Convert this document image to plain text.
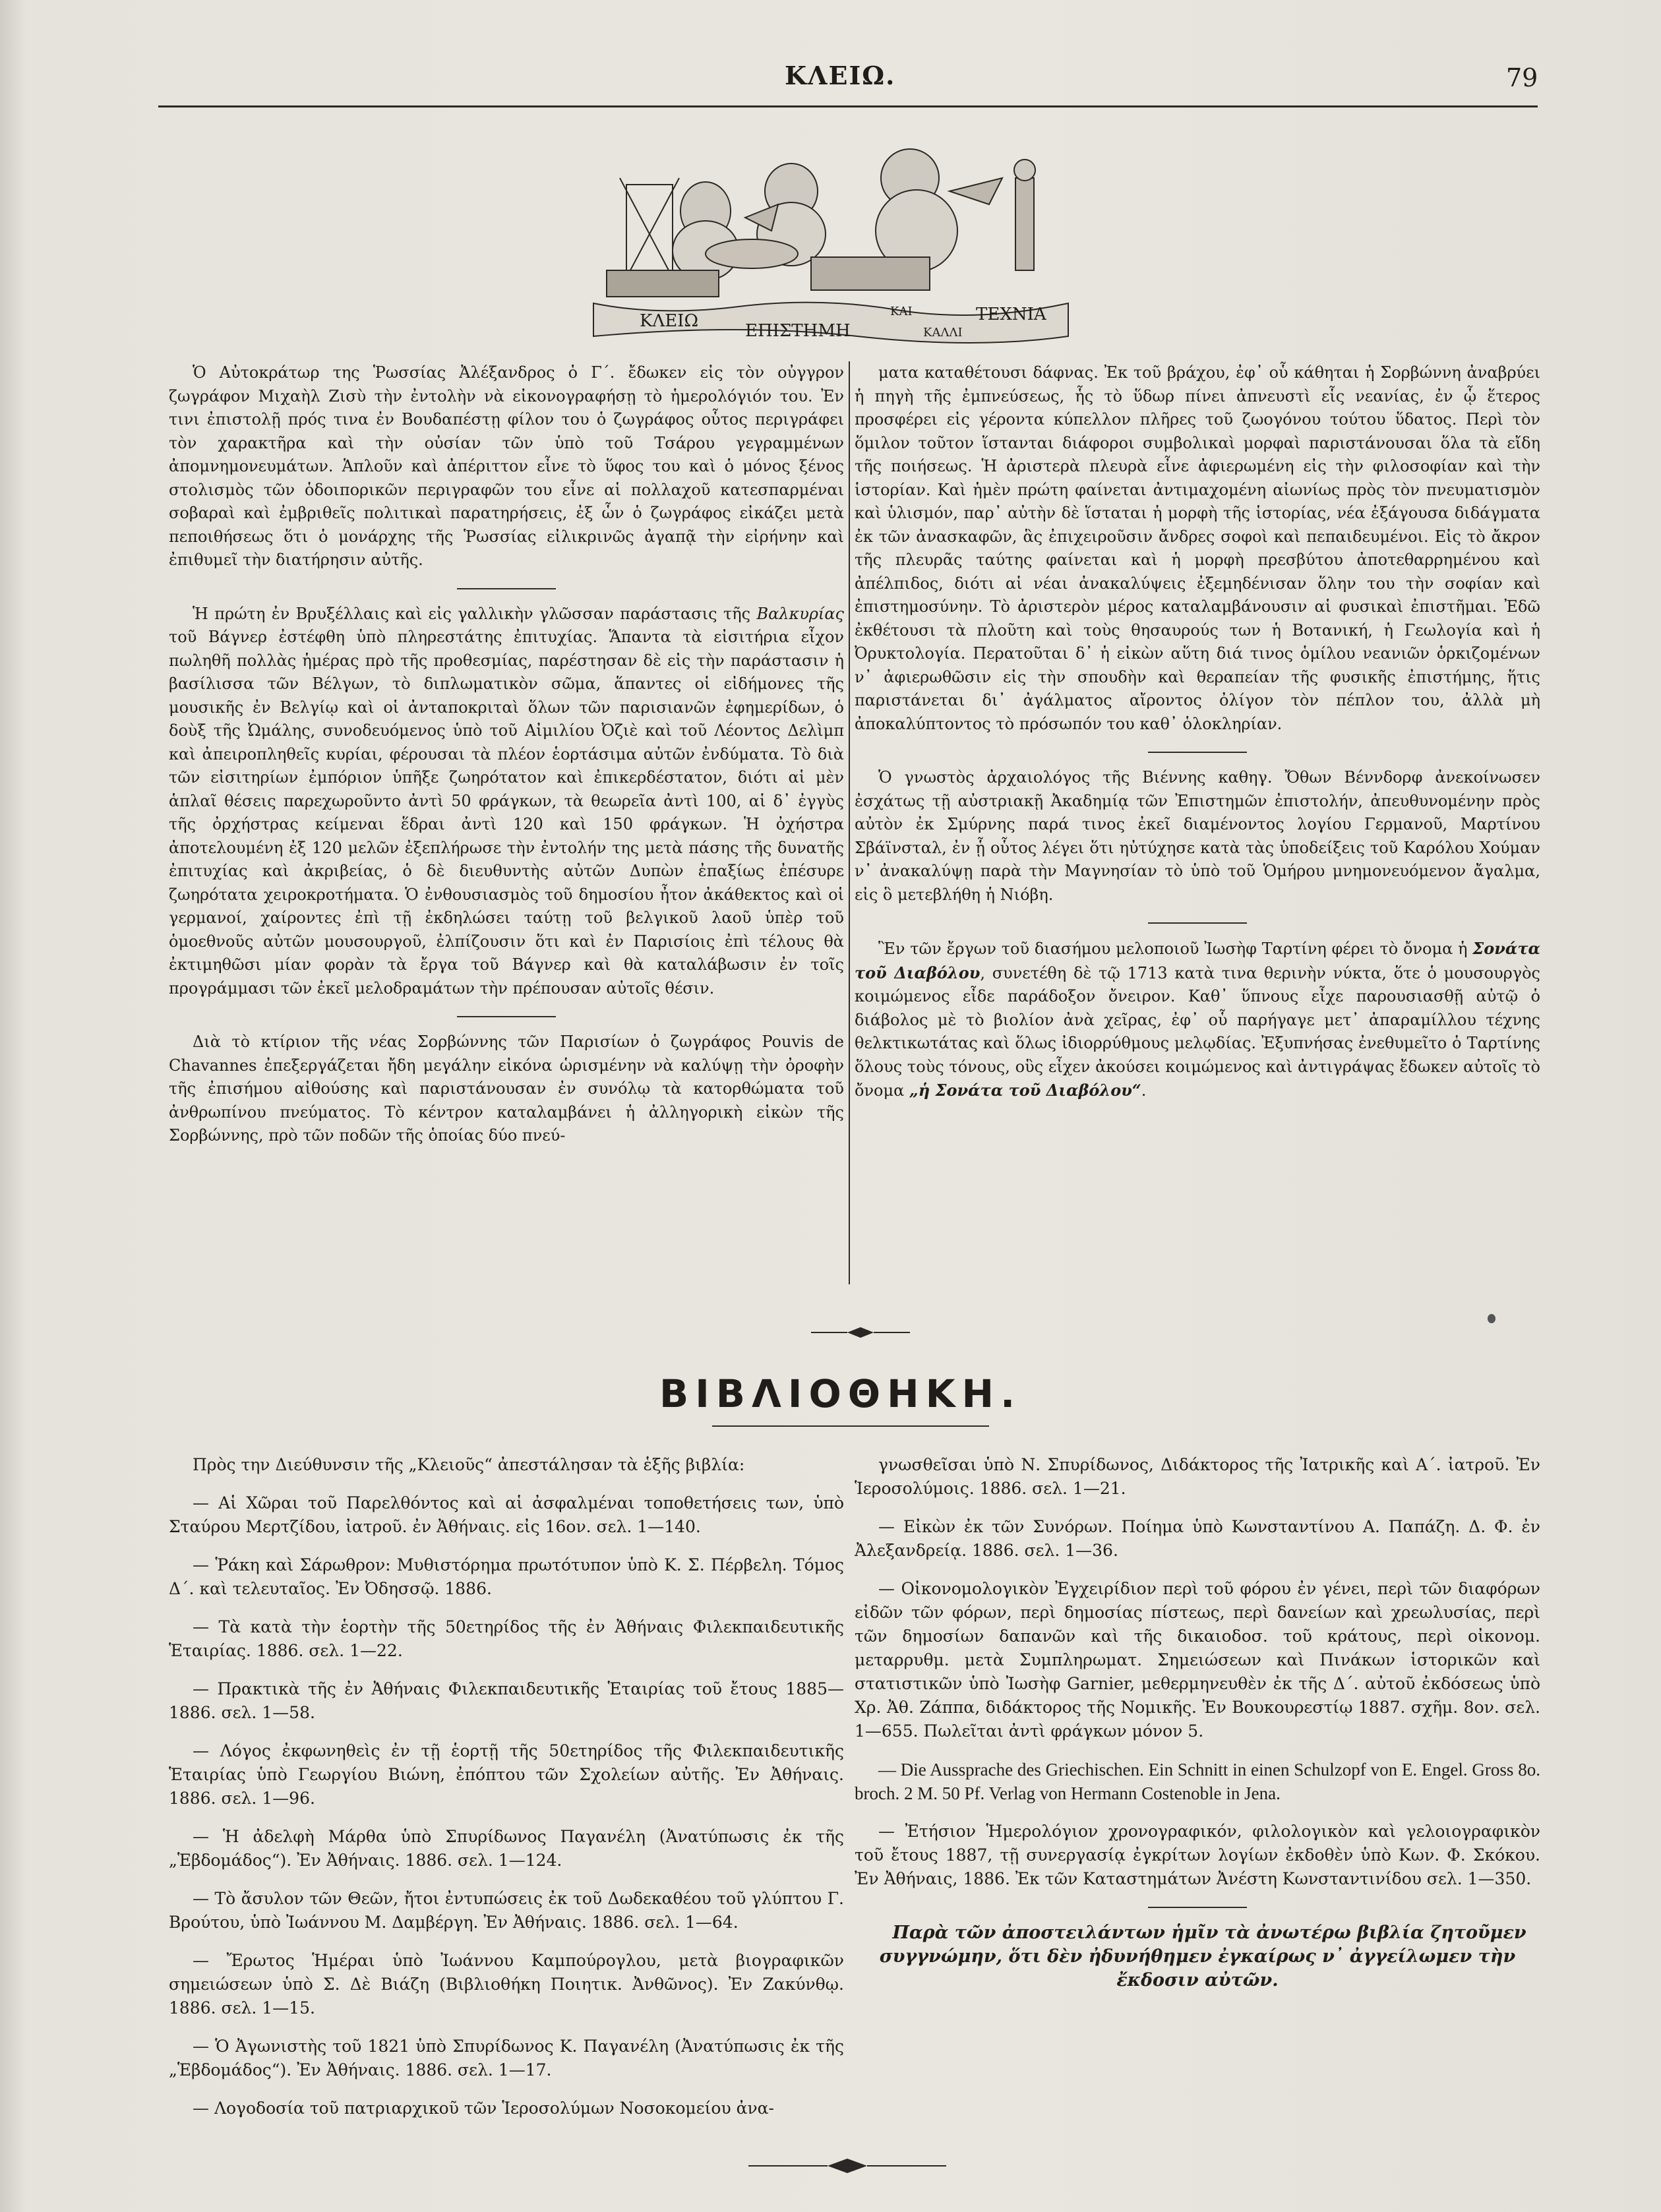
ΚΛΕΙΩ.	79
ΚΛΕΙΩ	ΕΠΙΣΤΗΜΗ
ΚΑΙ
ΚΑΛΛΙ
ΤΕΧΝΙΑ

Ὁ Αὐτοκράτωρ της Ῥωσσίας Ἀλέξανδρος ὁ Γ΄. ἔδωκεν εἰς τὸν οὐγγρον ζωγράφον Μιχαὴλ Ζισὺ τὴν ἐντολὴν νὰ εἰκονογραφήσῃ τὸ ἡμερολόγιόν του. Ἐν τινι ἐπιστολῇ πρός τινα ἐν Βουδαπέστῃ φίλον του ὁ ζωγράφος οὗτος περιγράφει τὸν χαρακτῆρα καὶ τὴν οὐσίαν τῶν ὑπὸ τοῦ Τσάρου γεγραμμένων ἀπομνημονευμάτων. Ἁπλοῦν καὶ ἀπέριττον εἶνε τὸ ὕφος του καὶ ὁ μόνος ξένος στολισμὸς τῶν ὁδοιπορικῶν περιγραφῶν του εἶνε αἱ πολλαχοῦ κατεσπαρμέναι σοβαραὶ καὶ ἐμβριθεῖς πολιτικαὶ παρατηρήσεις, ἐξ ὧν ὁ ζωγράφος εἰκάζει μετὰ πεποιθήσεως ὅτι ὁ μονάρχης τῆς Ῥωσσίας εἰλικρινῶς ἀγαπᾷ τὴν εἰρήνην καὶ ἐπιθυμεῖ τὴν διατήρησιν αὐτῆς.

Ἡ πρώτη ἐν Βρυξέλλαις καὶ εἰς γαλλικὴν γλῶσσαν παράστασις τῆς Βαλκυρίας τοῦ Βάγνερ ἐστέφθη ὑπὸ πληρεστάτης ἐπιτυχίας. Ἅπαντα τὰ εἰσιτήρια εἶχον πωληθῆ πολλὰς ἡμέρας πρὸ τῆς προθεσμίας, παρέστησαν δὲ εἰς τὴν παράστασιν ἡ βασίλισσα τῶν Βέλγων, τὸ διπλωματικὸν σῶμα, ἅπαντες οἱ εἰδήμονες τῆς μουσικῆς ἐν Βελγίῳ καὶ οἱ ἀνταποκριταὶ ὅλων τῶν παρισιανῶν ἐφημερίδων, ὁ δοὺξ τῆς Ὠμάλης, συνοδευόμενος ὑπὸ τοῦ Αἰμιλίου Ὀζιὲ καὶ τοῦ Λέοντος Δελὶμπ καὶ ἀπειροπληθεῖς κυρίαι, φέρουσαι τὰ πλέον ἑορτάσιμα αὐτῶν ἐνδύματα. Τὸ διὰ τῶν εἰσιτηρίων ἐμπόριον ὑπῆξε ζωηρότατον καὶ ἐπικερδέστατον, διότι αἱ μὲν ἁπλαῖ θέσεις παρεχωροῦντο ἀντὶ 50 φράγκων, τὰ θεωρεῖα ἀντὶ 100, αἱ δ᾽ ἐγγὺς τῆς ὀρχήστρας κείμεναι ἕδραι ἀντὶ 120 καὶ 150 φράγκων. Ἡ ὀχήστρα ἀποτελουμένη ἐξ 120 μελῶν ἐξεπλήρωσε τὴν ἐντολήν της μετὰ πάσης τῆς δυνατῆς ἐπιτυχίας καὶ ἀκριβείας, ὁ δὲ διευθυντὴς αὐτῶν Δυπὼν ἐπαξίως ἐπέσυρε ζωηρότατα χειροκροτήματα. Ὁ ἐνθουσιασμὸς τοῦ δημοσίου ἦτον ἀκάθεκτος καὶ οἱ γερμανοί, χαίροντες ἐπὶ τῇ ἐκδηλώσει ταύτῃ τοῦ βελγικοῦ λαοῦ ὑπὲρ τοῦ ὁμοεθνοῦς αὐτῶν μουσουργοῦ, ἐλπίζουσιν ὅτι καὶ ἐν Παρισίοις ἐπὶ τέλους θὰ ἐκτιμηθῶσι μίαν φορὰν τὰ ἔργα τοῦ Βάγνερ καὶ θὰ καταλάβωσιν ἐν τοῖς προγράμμασι τῶν ἐκεῖ μελοδραμάτων τὴν πρέπουσαν αὐτοῖς θέσιν.

Διὰ τὸ κτίριον τῆς νέας Σορβώννης τῶν Παρισίων ὁ ζωγράφος Pouvis de Chavannes ἐπεξεργάζεται ἤδη μεγάλην εἰκόνα ὡρισμένην νὰ καλύψῃ τὴν ὀροφὴν τῆς ἐπισήμου αἰθούσης καὶ παριστάνουσαν ἐν συνόλῳ τὰ κατορθώματα τοῦ ἀνθρωπίνου πνεύματος. Τὸ κέντρον καταλαμβάνει ἡ ἀλληγορικὴ εἰκὼν τῆς Σορβώννης, πρὸ τῶν ποδῶν τῆς ὁποίας δύο πνεύ-

ματα καταθέτουσι δάφνας. Ἐκ τοῦ βράχου, ἐφ᾽ οὗ κάθηται ἡ Σορβώννη ἀναβρύει ἡ πηγὴ τῆς ἐμπνεύσεως, ἧς τὸ ὕδωρ πίνει ἀπνευστὶ εἷς νεανίας, ἐν ᾧ ἕτερος προσφέρει εἰς γέροντα κύπελλον πλῆρες τοῦ ζωογόνου τούτου ὕδατος. Περὶ τὸν ὅμιλον τοῦτον ἵστανται διάφοροι συμβολικαὶ μορφαὶ παριστάνουσαι ὅλα τὰ εἴδη τῆς ποιήσεως. Ἡ ἀριστερὰ πλευρὰ εἶνε ἀφιερωμένη εἰς τὴν φιλοσοφίαν καὶ τὴν ἱστορίαν. Καὶ ἡμὲν πρώτη φαίνεται ἀντιμαχομένη αἰωνίως πρὸς τὸν πνευματισμὸν καὶ ὑλισμόν, παρ᾽ αὐτὴν δὲ ἵσταται ἡ μορφὴ τῆς ἱστορίας, νέα ἐξάγουσα διδάγματα ἐκ τῶν ἀνασκαφῶν, ἃς ἐπιχειροῦσιν ἄνδρες σοφοὶ καὶ πεπαιδευμένοι. Εἰς τὸ ἄκρον τῆς πλευρᾶς ταύτης φαίνεται καὶ ἡ μορφὴ πρεσβύτου ἀποτεθαρρημένου καὶ ἀπέλπιδος, διότι αἱ νέαι ἀνακαλύψεις ἐξεμηδένισαν ὅλην του τὴν σοφίαν καὶ ἐπιστημοσύνην. Τὸ ἀριστερὸν μέρος καταλαμβάνουσιν αἱ φυσικαὶ ἐπιστῆμαι. Ἐδῶ ἐκθέτουσι τὰ πλοῦτη καὶ τοὺς θησαυρούς των ἡ Βοτανική, ἡ Γεωλογία καὶ ἡ Ὀρυκτολογία. Περατοῦται δ᾽ ἡ εἰκὼν αὕτη διά τινος ὁμίλου νεανιῶν ὁρκιζομένων ν᾽ ἀφιερωθῶσιν εἰς τὴν σπουδὴν καὶ θεραπείαν τῆς φυσικῆς ἐπιστήμης, ἥτις παριστάνεται δι᾽ ἀγάλματος αἴροντος ὀλίγον τὸν πέπλον του, ἀλλὰ μὴ ἀποκαλύπτοντος τὸ πρόσωπόν του καθ᾽ ὁλοκληρίαν.

Ὁ γνωστὸς ἀρχαιολόγος τῆς Βιέννης καθηγ. Ὄθων Βέννδορφ ἀνεκοίνωσεν ἐσχάτως τῇ αὐστριακῇ Ἀκαδημίᾳ τῶν Ἐπιστημῶν ἐπιστολήν, ἀπευθυνομένην πρὸς αὐτὸν ἐκ Σμύρνης παρά τινος ἐκεῖ διαμένοντος λογίου Γερμανοῦ, Μαρτίνου Σβάϊνσταλ, ἐν ᾗ οὗτος λέγει ὅτι ηὐτύχησε κατὰ τὰς ὑποδείξεις τοῦ Καρόλου Χούμαν ν᾽ ἀνακαλύψῃ παρὰ τὴν Μαγνησίαν τὸ ὑπὸ τοῦ Ὁμήρου μνημονευόμενον ἄγαλμα, εἰς ὃ μετεβλήθη ἡ Νιόβη.

Ἓν τῶν ἔργων τοῦ διασήμου μελοποιοῦ Ἰωσὴφ Ταρτίνη φέρει τὸ ὄνομα ἡ Σονάτα τοῦ Διαβόλου, συνετέθη δὲ τῷ 1713 κατὰ τινα θερινὴν νύκτα, ὅτε ὁ μουσουργὸς κοιμώμενος εἶδε παράδοξον ὄνειρον. Καθ᾽ ὕπνους εἶχε παρουσιασθῇ αὐτῷ ὁ διάβολος μὲ τὸ βιολίον ἀνὰ χεῖρας, ἐφ᾽ οὗ παρήγαγε μετ᾽ ἀπαραμίλλου τέχνης θελκτικωτάτας καὶ ὅλως ἰδιορρύθμους μελῳδίας. Ἐξυπνήσας ἐνεθυμεῖτο ὁ Ταρτίνης ὅλους τοὺς τόνους, οὓς εἶχεν ἀκούσει κοιμώμενος καὶ ἀντιγράψας ἔδωκεν αὐτοῖς τὸ ὄνομα „ἡ Σονάτα τοῦ Διαβόλου“.

ΒΙΒΛΙΟΘΗΚΗ.

Πρὸς την Διεύθυνσιν τῆς „Κλειοῦς“ ἀπεστάλησαν τὰ ἑξῆς βιβλία:

— Αἱ Χῶραι τοῦ Παρελθόντος καὶ αἱ ἀσφαλμέναι τοποθετήσεις των, ὑπὸ Σταύρου Μερτζίδου, ἰατροῦ. ἐν Ἀθήναις. εἰς 16ον. σελ. 1—140.

— Ῥάκη καὶ Σάρωθρον: Μυθιστόρημα πρωτότυπον ὑπὸ Κ. Σ. Πέρβελη. Τόμος Δ΄. καὶ τελευταῖος. Ἐν Ὀδησσῷ. 1886.

— Τὰ κατὰ τὴν ἑορτὴν τῆς 50ετηρίδος τῆς ἐν Ἀθήναις Φιλεκπαιδευτικῆς Ἑταιρίας. 1886. σελ. 1—22.

— Πρακτικὰ τῆς ἐν Ἀθήναις Φιλεκπαιδευτικῆς Ἑταιρίας τοῦ ἔτους 1885—1886. σελ. 1—58.

— Λόγος ἐκφωνηθεὶς ἐν τῇ ἑορτῇ τῆς 50ετηρίδος τῆς Φιλεκπαιδευτικῆς Ἑταιρίας ὑπὸ Γεωργίου Βιώνη, ἐπόπτου τῶν Σχολείων αὐτῆς. Ἐν Ἀθήναις. 1886. σελ. 1—96.

— Ἡ ἀδελφὴ Μάρθα ὑπὸ Σπυρίδωνος Παγανέλη (Ἀνατύπωσις ἐκ τῆς „Ἑβδομάδος“). Ἐν Ἀθήναις. 1886. σελ. 1—124.

— Τὸ ἄσυλον τῶν Θεῶν, ἤτοι ἐντυπώσεις ἐκ τοῦ Δωδεκαθέου τοῦ γλύπτου Γ. Βρούτου, ὑπὸ Ἰωάννου Μ. Δαμβέργη. Ἐν Ἀθήναις. 1886. σελ. 1—64.

— Ἔρωτος Ἡμέραι ὑπὸ Ἰωάννου Καμπούρογλου, μετὰ βιογραφικῶν σημειώσεων ὑπὸ Σ. Δὲ Βιάζη (Βιβλιοθήκη Ποιητικ. Ἀνθῶνος). Ἐν Ζακύνθῳ. 1886. σελ. 1—15.

— Ὁ Ἀγωνιστὴς τοῦ 1821 ὑπὸ Σπυρίδωνος Κ. Παγανέλη (Ἀνατύπωσις ἐκ τῆς „Ἑβδομάδος“). Ἐν Ἀθήναις. 1886. σελ. 1—17.

— Λογοδοσία τοῦ πατριαρχικοῦ τῶν Ἱεροσολύμων Νοσοκομείου ἀνα-

γνωσθεῖσαι ὑπὸ Ν. Σπυρίδωνος, Διδάκτορος τῆς Ἰατρικῆς καὶ Α΄. ἰατροῦ. Ἐν Ἱεροσολύμοις. 1886. σελ. 1—21.

— Εἰκὼν ἐκ τῶν Συνόρων. Ποίημα ὑπὸ Κωνσταντίνου Α. Παπάζη. Δ. Φ. ἐν Ἀλεξανδρείᾳ. 1886. σελ. 1—36.

— Οἰκονομολογικὸν Ἐγχειρίδιον περὶ τοῦ φόρου ἐν γένει, περὶ τῶν διαφόρων εἰδῶν τῶν φόρων, περὶ δημοσίας πίστεως, περὶ δανείων καὶ χρεωλυσίας, περὶ τῶν δημοσίων δαπανῶν καὶ τῆς δικαιοδοσ. τοῦ κράτους, περὶ οἰκονομ. μεταρρυθμ. μετὰ Συμπληρωματ. Σημειώσεων καὶ Πινάκων ἱστορικῶν καὶ στατιστικῶν ὑπὸ Ἰωσὴφ Garnier, μεθερμηνευθὲν ἐκ τῆς Δ΄. αὐτοῦ ἐκδόσεως ὑπὸ Χρ. Ἀθ. Ζάππα, διδάκτορος τῆς Νομικῆς. Ἐν Βουκουρεστίῳ 1887. σχῆμ. 8ον. σελ. 1—655. Πωλεῖται ἀντὶ φράγκων μόνον 5.

— Die Aussprache des Griechischen. Ein Schnitt in einen Schulzopf von E. Engel. Gross 8o. broch. 2 M. 50 Pf. Verlag von Hermann Costenoble in Jena.

— Ἐτήσιον Ἡμερολόγιον χρονογραφικόν, φιλολογικὸν καὶ γελοιογραφικὸν τοῦ ἔτους 1887, τῇ συνεργασίᾳ ἐγκρίτων λογίων ἐκδοθὲν ὑπὸ Κων. Φ. Σκόκου. Ἐν Ἀθήναις, 1886. Ἐκ τῶν Καταστημάτων Ἀνέστη Κωνσταντινίδου σελ. 1—350.

Παρὰ τῶν ἀποστειλάντων ἡμῖν τὰ ἀνωτέρω βιβλία ζητοῦμεν συγγνώμην, ὅτι δὲν ἠδυνήθημεν ἐγκαίρως ν᾽ ἀγγείλωμεν τὴν ἔκδοσιν αὐτῶν.
